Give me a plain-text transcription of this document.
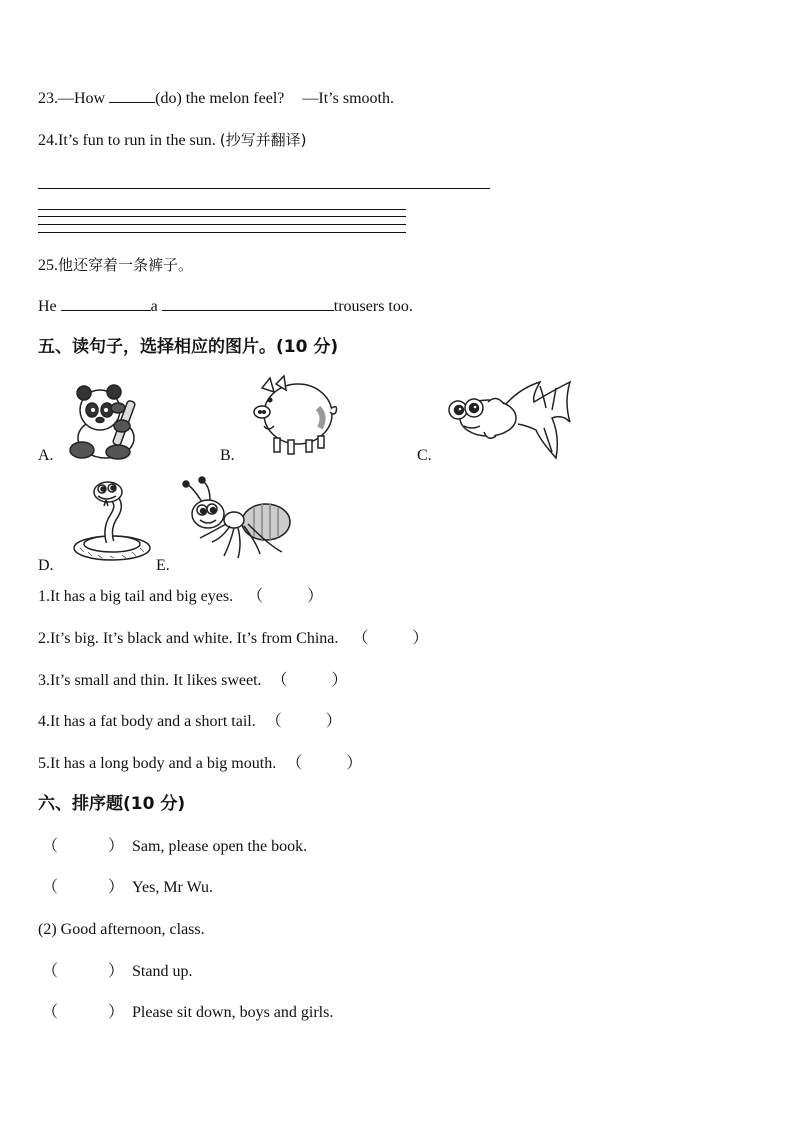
23.—How	(do) the melon feel? —It’s smooth.
24.It’s fun to run in the sun. (抄写并翻译)
25.他还穿着一条裤子。
He	a	trousers too.
五、读句子，选择相应的图片。(10 分)
A.	B.	C.
D.	E.
1.It has a big tail and big eyes. （	）
2.It’s big. It’s black and white. It’s from China. （	）
3.It’s small and thin. It likes sweet. （	）
4.It has a fat body and a short tail. （	）
5.It has a long body and a big mouth. （	）
六、排序题(10 分)
（	） Sam, please open the book.
（	） Yes, Mr Wu.
(2) Good afternoon, class.
（	） Stand up.
（	） Please sit down, boys and girls.
